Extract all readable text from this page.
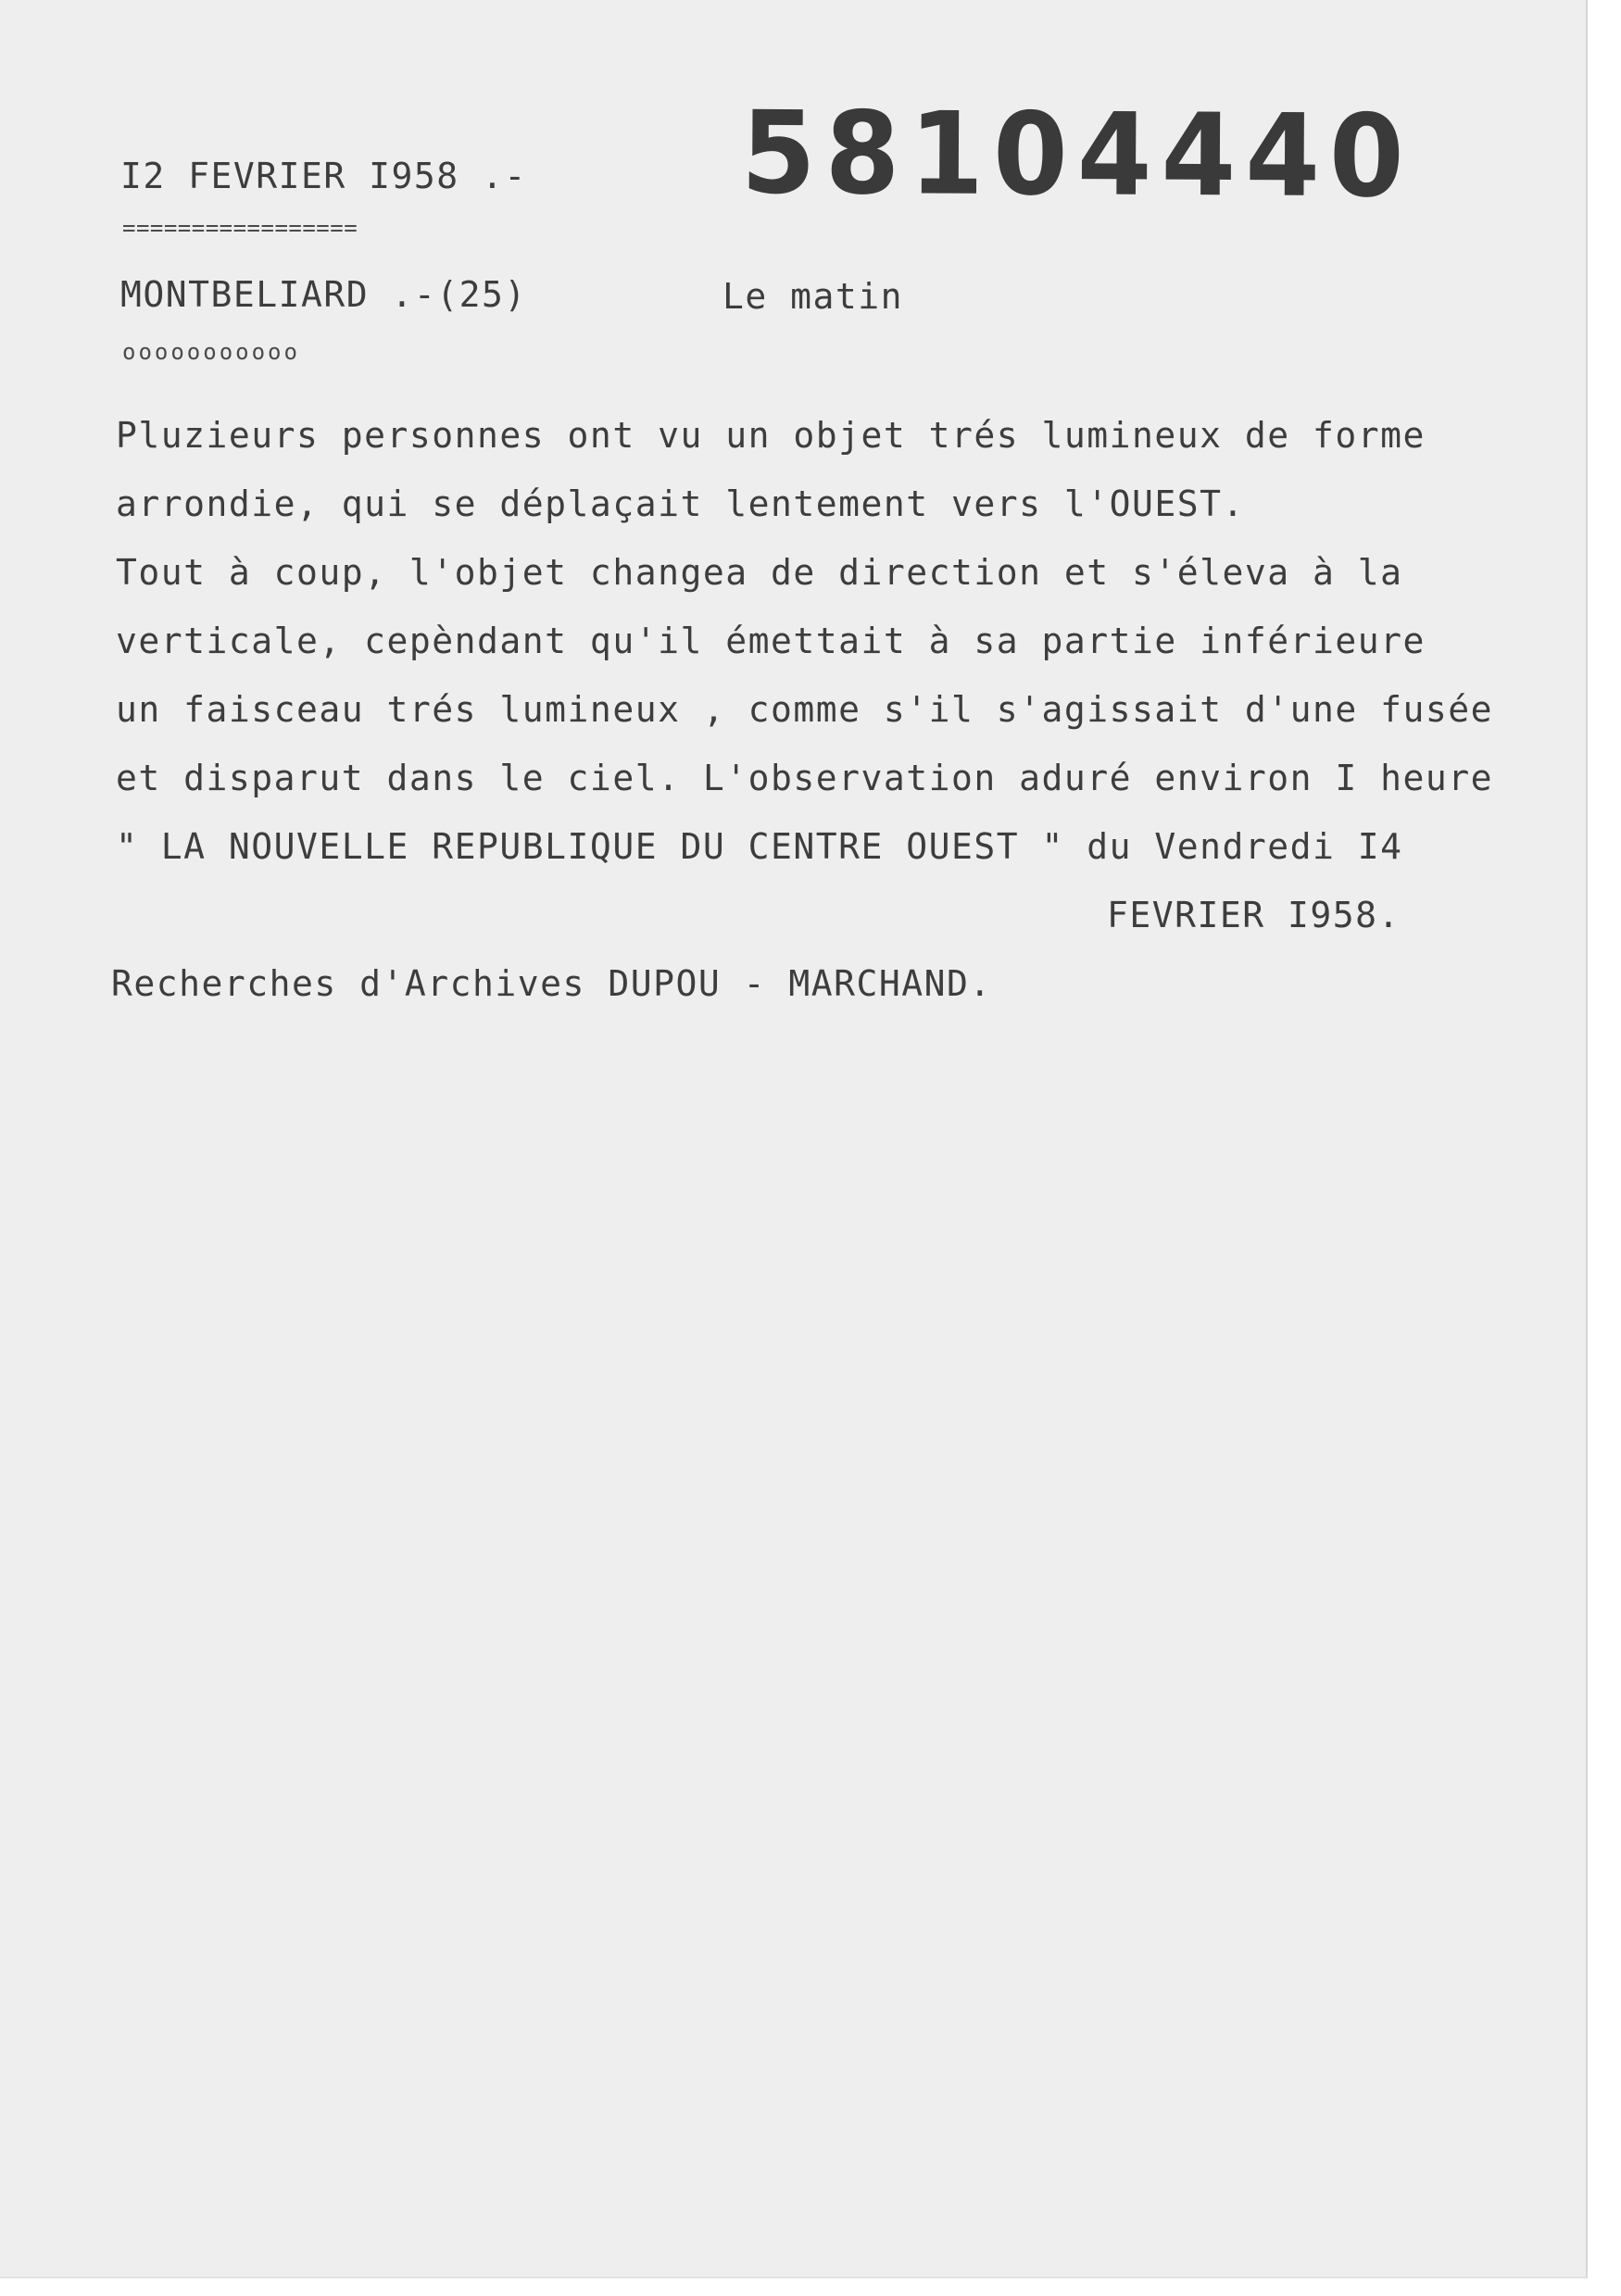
I2 FEVRIER I958 .-
=================
58104440
MONTBELIARD .-(25)	Le matin
ooooooooooo
Pluzieurs personnes ont vu un objet trés lumineux de forme
arrondie, qui se déplaçait lentement vers l'OUEST.
Tout à coup, l'objet changea de direction et s'éleva à la
verticale, cepèndant qu'il émettait à sa partie inférieure
un faisceau trés lumineux , comme s'il s'agissait d'une fusée
et disparut dans le ciel. L'observation aduré environ I heure
" LA NOUVELLE REPUBLIQUE DU CENTRE OUEST " du Vendredi I4
FEVRIER I958.
Recherches d'Archives DUPOU - MARCHAND.
